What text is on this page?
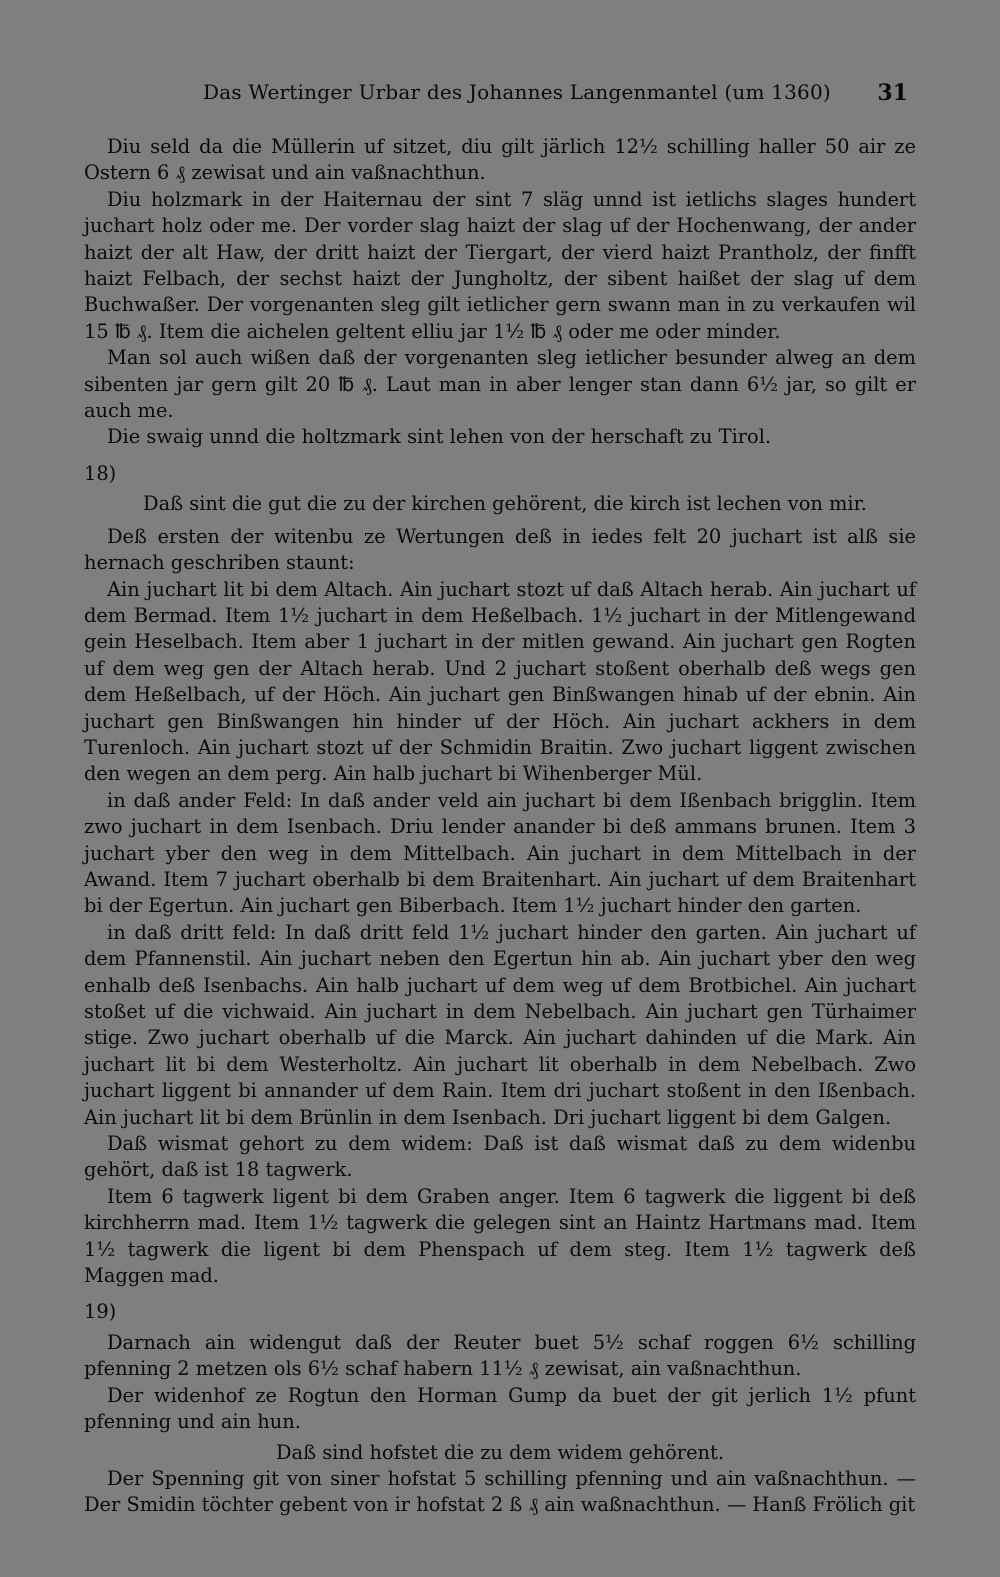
Das Wertinger Urbar des Johannes Langenmantel (um 1360) 31

Diu seld da die Müllerin uf sitzet, diu gilt järlich 12½ schilling haller 50 air ze Ostern 6 ₰ zewisat und ain vaßnachthun.

Diu holzmark in der Haiternau der sint 7 släg unnd ist ietlichs slages hundert juchart holz oder me. Der vorder slag haizt der slag uf der Hochenwang, der ander haizt der alt Haw, der dritt haizt der Tiergart, der vierd haizt Prantholz, der finfft haizt Felbach, der sechst haizt der Jungholtz, der sibent haißet der slag uf dem Buchwaßer. Der vorgenanten sleg gilt ietlicher gern swann man in zu verkaufen wil 15 ℔ ₰. Item die aichelen geltent elliu jar 1½ ℔ ₰ oder me oder minder.

Man sol auch wißen daß der vorgenanten sleg ietlicher besunder alweg an dem sibenten jar gern gilt 20 ℔ ₰. Laut man in aber lenger stan dann 6½ jar, so gilt er auch me.

Die swaig unnd die holtzmark sint lehen von der herschaft zu Tirol.

18)

Daß sint die gut die zu der kirchen gehörent, die kirch ist lechen von mir.

Deß ersten der witenbu ze Wertungen deß in iedes felt 20 juchart ist alß sie hernach geschriben staunt:

Ain juchart lit bi dem Altach. Ain juchart stozt uf daß Altach herab. Ain juchart uf dem Bermad. Item 1½ juchart in dem Heßelbach. 1½ juchart in der Mitlengewand gein Heselbach. Item aber 1 juchart in der mitlen gewand. Ain juchart gen Rogten uf dem weg gen der Altach herab. Und 2 juchart stoßent oberhalb deß wegs gen dem Heßelbach, uf der Höch. Ain juchart gen Binßwangen hinab uf der ebnin. Ain juchart gen Binßwangen hin hinder uf der Höch. Ain juchart ackhers in dem Turenloch. Ain juchart stozt uf der Schmidin Braitin. Zwo juchart liggent zwischen den wegen an dem perg. Ain halb juchart bi Wihenberger Mül.

in daß ander Feld: In daß ander veld ain juchart bi dem Ißenbach brigglin. Item zwo juchart in dem Isenbach. Driu lender anander bi deß ammans brunen. Item 3 juchart yber den weg in dem Mittelbach. Ain juchart in dem Mittelbach in der Awand. Item 7 juchart oberhalb bi dem Braitenhart. Ain juchart uf dem Braitenhart bi der Egertun. Ain juchart gen Biberbach. Item 1½ juchart hinder den garten.

in daß dritt feld: In daß dritt feld 1½ juchart hinder den garten. Ain juchart uf dem Pfannenstil. Ain juchart neben den Egertun hin ab. Ain juchart yber den weg enhalb deß Isenbachs. Ain halb juchart uf dem weg uf dem Brotbichel. Ain juchart stoßet uf die vichwaid. Ain juchart in dem Nebelbach. Ain juchart gen Türhaimer stige. Zwo juchart oberhalb uf die Marck. Ain juchart dahinden uf die Mark. Ain juchart lit bi dem Westerholtz. Ain juchart lit oberhalb in dem Nebelbach. Zwo juchart liggent bi annander uf dem Rain. Item dri juchart stoßent in den Ißenbach. Ain juchart lit bi dem Brünlin in dem Isenbach. Dri juchart liggent bi dem Galgen.

Daß wismat gehort zu dem widem: Daß ist daß wismat daß zu dem widenbu gehört, daß ist 18 tagwerk.

Item 6 tagwerk ligent bi dem Graben anger. Item 6 tagwerk die liggent bi deß kirchherrn mad. Item 1½ tagwerk die gelegen sint an Haintz Hartmans mad. Item 1½ tagwerk die ligent bi dem Phenspach uf dem steg. Item 1½ tagwerk deß Maggen mad.

19)

Darnach ain widengut daß der Reuter buet 5½ schaf roggen 6½ schilling pfenning 2 metzen ols 6½ schaf habern 11½ ₰ zewisat, ain vaßnachthun.

Der widenhof ze Rogtun den Horman Gump da buet der git jerlich 1½ pfunt pfenning und ain hun.

Daß sind hofstet die zu dem widem gehörent.

Der Spenning git von siner hofstat 5 schilling pfenning und ain vaßnachthun. — Der Smidin töchter gebent von ir hofstat 2 ß ₰ ain waßnachthun. — Hanß Frölich git
